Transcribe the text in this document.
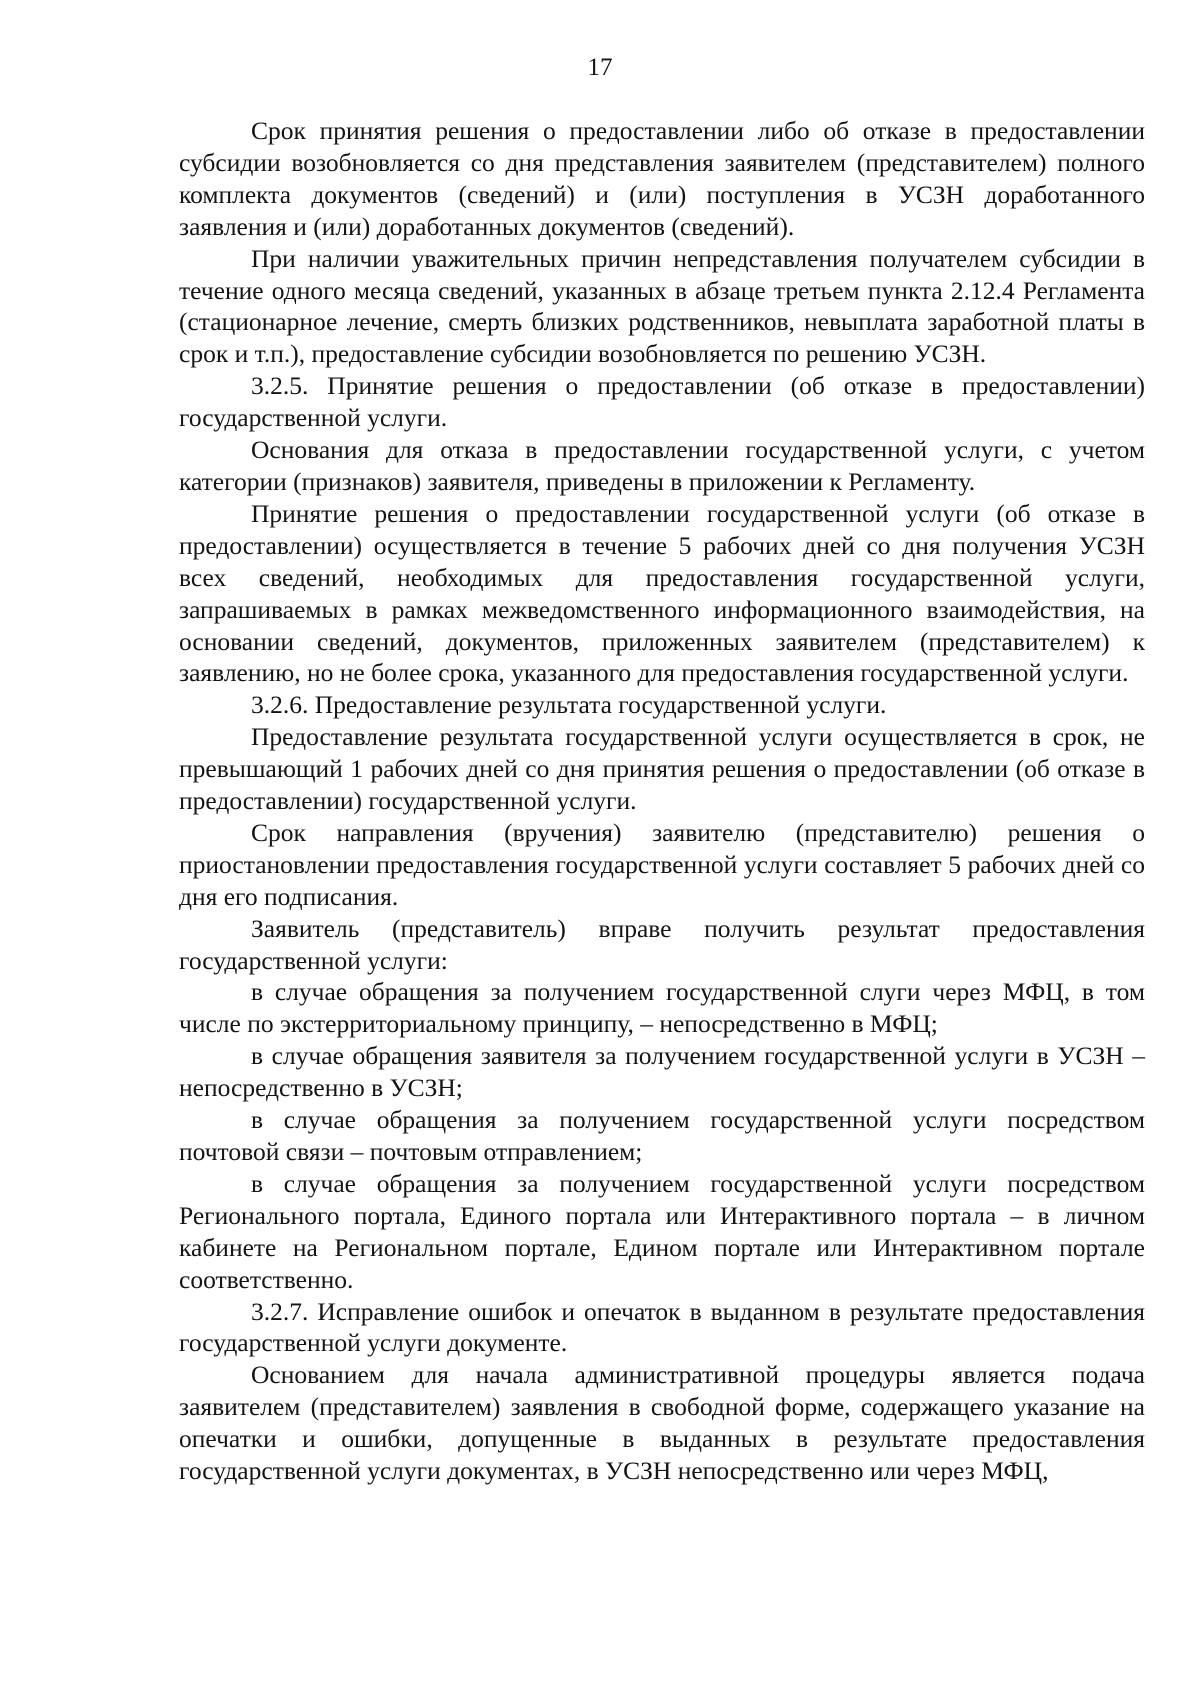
17

Срок принятия решения о предоставлении либо об отказе в предоставлении субсидии возобновляется со дня представления заявителем (представителем) полного комплекта документов (сведений) и (или) поступления в УСЗН доработанного заявления и (или) доработанных документов (сведений).

При наличии уважительных причин непредставления получателем субсидии в течение одного месяца сведений, указанных в абзаце третьем пункта 2.12.4 Регламента (стационарное лечение, смерть близких родственников, невыплата заработной платы в срок и т.п.), предоставление субсидии возобновляется по решению УСЗН.

3.2.5. Принятие решения о предоставлении (об отказе в предоставлении) государственной услуги.

Основания для отказа в предоставлении государственной услуги, с учетом категории (признаков) заявителя, приведены в приложении к Регламенту.

Принятие решения о предоставлении государственной услуги (об отказе в предоставлении) осуществляется в течение 5 рабочих дней со дня получения УСЗН всех сведений, необходимых для предоставления государственной услуги, запрашиваемых в рамках межведомственного информационного взаимодействия, на основании сведений, документов, приложенных заявителем (представителем) к заявлению, но не более срока, указанного для предоставления государственной услуги.

3.2.6. Предоставление результата государственной услуги.

Предоставление результата государственной услуги осуществляется в срок, не превышающий 1 рабочих дней со дня принятия решения о предоставлении (об отказе в предоставлении) государственной услуги.

Срок направления (вручения) заявителю (представителю) решения о приостановлении предоставления государственной услуги составляет 5 рабочих дней со дня его подписания.

Заявитель (представитель) вправе получить результат предоставления государственной услуги:

в случае обращения за получением государственной слуги через МФЦ, в том числе по экстерриториальному принципу, – непосредственно в МФЦ;

в случае обращения заявителя за получением государственной услуги в УСЗН – непосредственно в УСЗН;

в случае обращения за получением государственной услуги посредством почтовой связи – почтовым отправлением;

в случае обращения за получением государственной услуги посредством Регионального портала, Единого портала или Интерактивного портала – в личном кабинете на Региональном портале, Едином портале или Интерактивном портале соответственно.

3.2.7. Исправление ошибок и опечаток в выданном в результате предоставления государственной услуги документе.

Основанием для начала административной процедуры является подача заявителем (представителем) заявления в свободной форме, содержащего указание на опечатки и ошибки, допущенные в выданных в результате предоставления государственной услуги документах, в УСЗН непосредственно или через МФЦ,
